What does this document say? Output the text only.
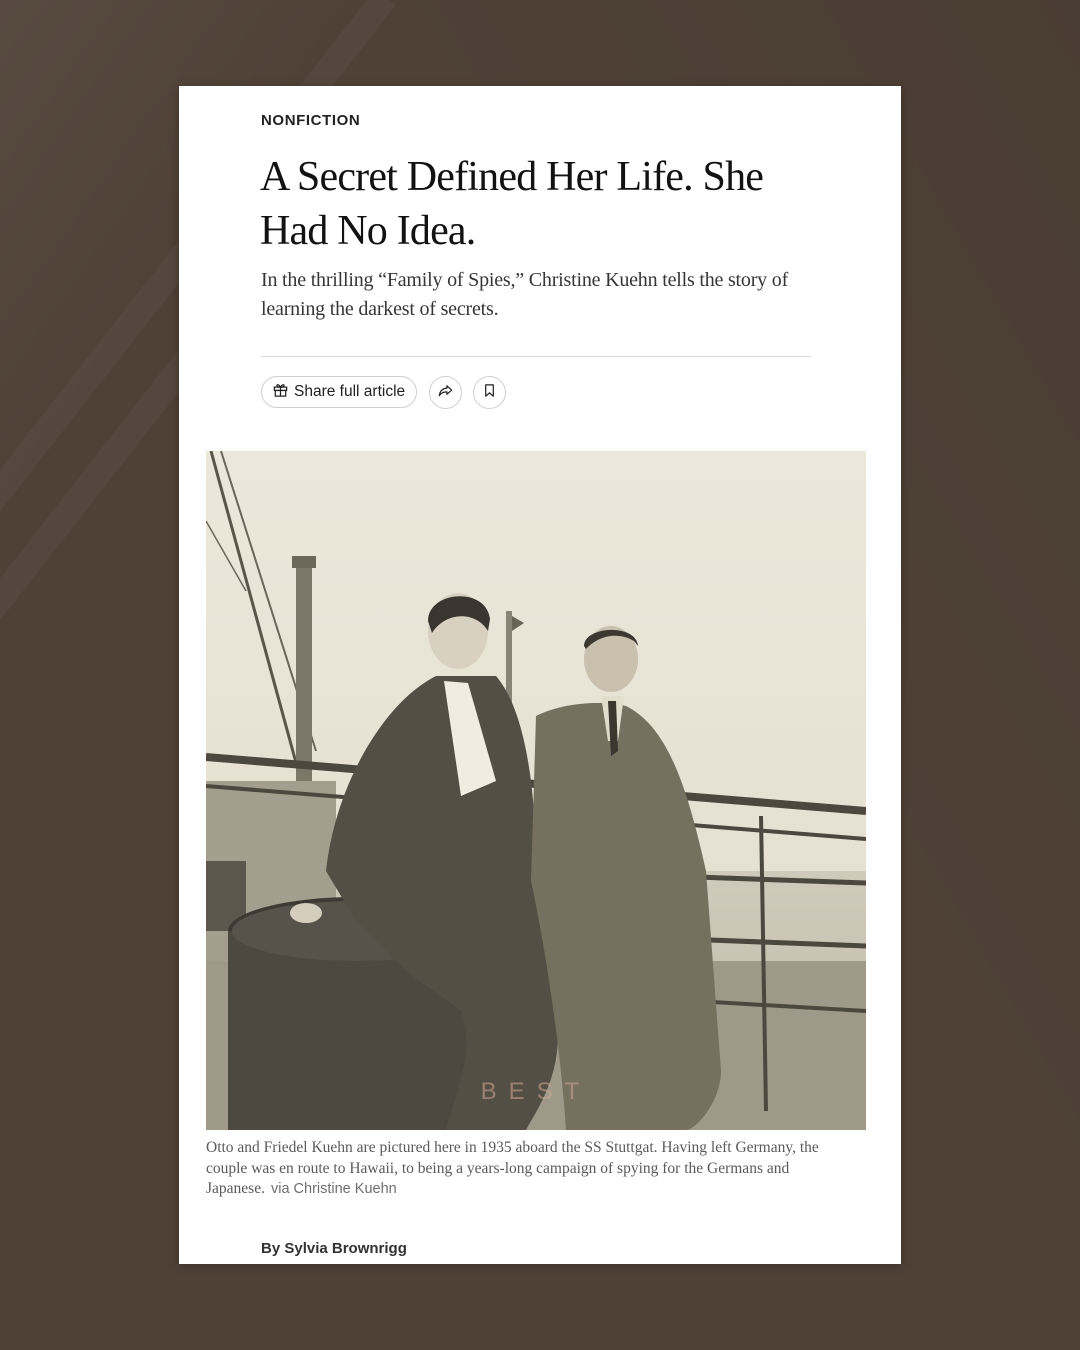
NONFICTION
A Secret Defined Her Life. She Had No Idea.

In the thrilling “Family of Spies,” Christine Kuehn tells the story of learning the darkest of secrets.

Share full article
BEST

Otto and Friedel Kuehn are pictured here in 1935 aboard the SS Stuttgat. Having left Germany, the couple was en route to Hawaii, to being a years-long campaign of spying for the Germans and Japanese. via Christine Kuehn

By Sylvia Brownrigg
